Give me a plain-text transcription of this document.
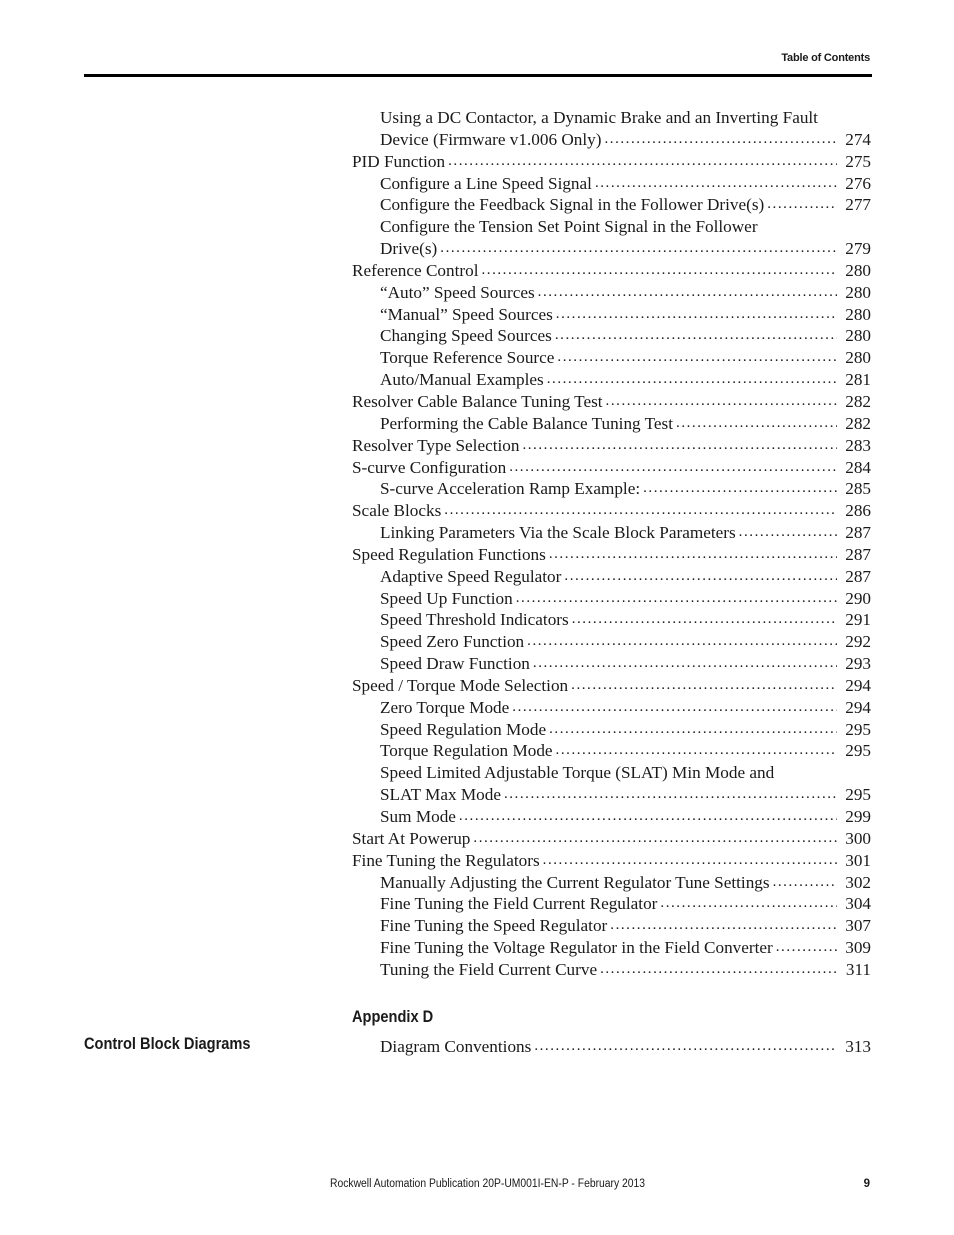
Table of Contents
Using a DC Contactor, a Dynamic Brake and an Inverting Fault
Device (Firmware v1.006 Only) . . .	274
PID Function . . .	275
Configure a Line Speed Signal . . .	276
Configure the Feedback Signal in the Follower Drive(s) . . .	277
Configure the Tension Set Point Signal in the Follower
Drive(s) . . .	279
Reference Control . . .	280
“Auto” Speed Sources . . .	280
“Manual” Speed Sources . . .	280
Changing Speed Sources . . .	280
Torque Reference Source . . .	280
Auto/Manual Examples . . .	281
Resolver Cable Balance Tuning Test . . .	282
Performing the Cable Balance Tuning Test . . .	282
Resolver Type Selection . . .	283
S-curve Configuration . . .	284
S-curve Acceleration Ramp Example: . . .	285
Scale Blocks . . .	286
Linking Parameters Via the Scale Block Parameters . . .	287
Speed Regulation Functions . . .	287
Adaptive Speed Regulator . . .	287
Speed Up Function . . .	290
Speed Threshold Indicators . . .	291
Speed Zero Function . . .	292
Speed Draw Function . . .	293
Speed / Torque Mode Selection . . .	294
Zero Torque Mode . . .	294
Speed Regulation Mode . . .	295
Torque Regulation Mode . . .	295
Speed Limited Adjustable Torque (SLAT) Min Mode and
SLAT Max Mode . . .	295
Sum Mode . . .	299
Start At Powerup . . .	300
Fine Tuning the Regulators . . .	301
Manually Adjusting the Current Regulator Tune Settings . . .	302
Fine Tuning the Field Current Regulator . . .	304
Fine Tuning the Speed Regulator . . .	307
Fine Tuning the Voltage Regulator in the Field Converter . . .	309
Tuning the Field Current Curve . . .	311
Appendix D
Control Block Diagrams	Diagram Conventions . . .	313
Rockwell Automation Publication 20P-UM001I-EN-P - February 2013	9
